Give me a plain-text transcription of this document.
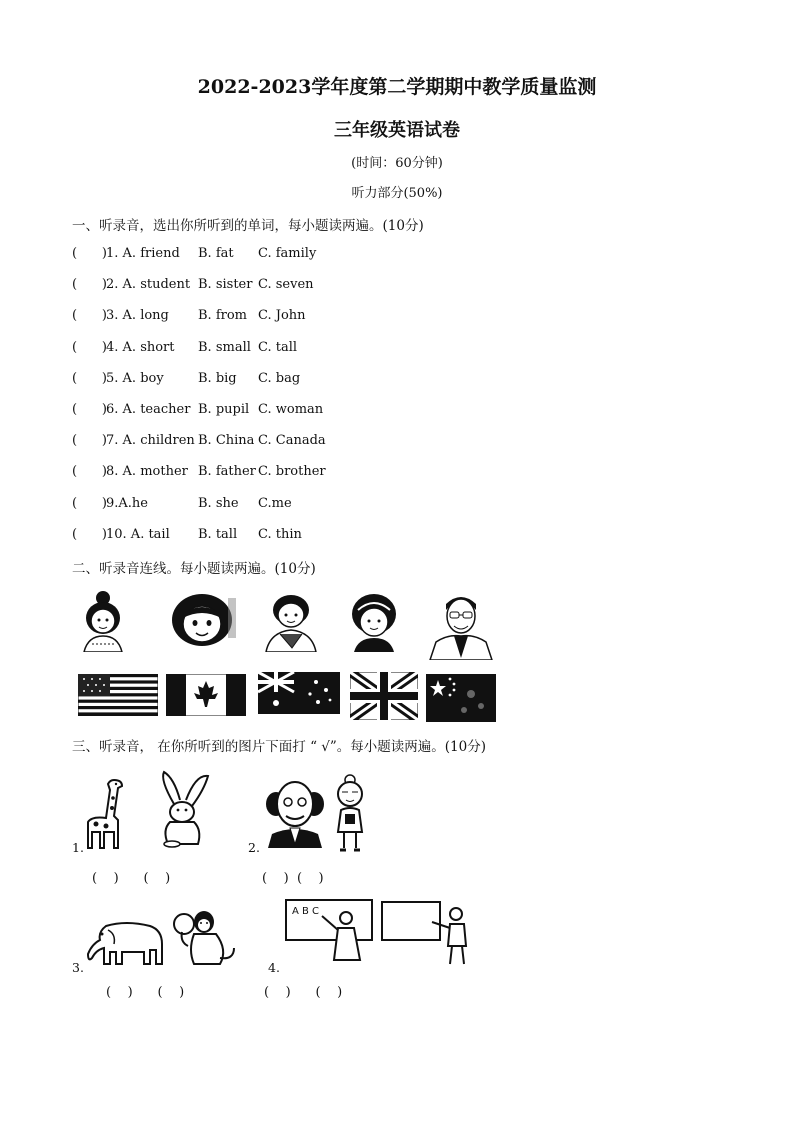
2022-2023学年度第二学期期中教学质量监测
三年级英语试卷
(时间：60分钟)
听力部分(50%)
一、听录音，选出你所听到的单词，每小题读两遍。(10分)
( )1. A. friend B. fat C. family
( )2. A. student B. sister C. seven
( )3. A. long B. from C. John
( )4. A. short B. small C. tall
( )5. A. boy	B. big C. bag
( )6. A. teacher B. pupil C. woman
( )7. A. children B. China C. Canada
( )8. A. mother B. father C. brother
( )9.A.he	B. she C.me
( )10. A. tail B. tall C. thin
二、听录音连线。每小题读两遍。(10分)
三、听录音， 在你所听到的图片下面打 “ √”。每小题读两遍。(10分)
1.
(    )      (    )
2.
(    )  (    )
3.
(    )      (    )
4.
A B C
(    )      (    )
